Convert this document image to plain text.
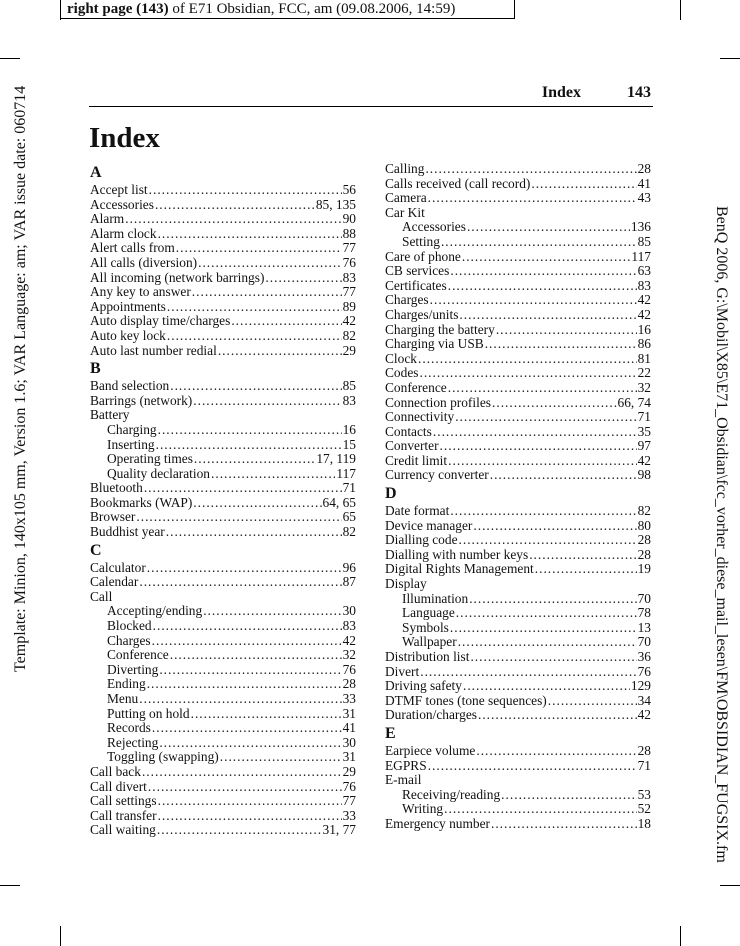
right page (143) of E71 Obsidian, FCC, am (09.08.2006, 14:59)
Template: Minion, 140x105 mm, Version 1.6; VAR Language: am; VAR issue date: 060714	BenQ 2006, G:\Mobil\X85\E71_Obsidian\fcc_vorher_diese_mail_lesen\FM\OBSIDIAN_FUGSIX.fm
Index	143
Index
A
Accept list .....	56
Accessories .....	85, 135
Alarm .....	90
Alarm clock .....	88
Alert calls from .....	77
All calls (diversion) .....	76
All incoming (network barrings) .....	83
Any key to answer .....	77
Appointments .....	89
Auto display time/charges .....	42
Auto key lock .....	82
Auto last number redial .....	29
B
Band selection .....	85
Barrings (network) .....	83
Battery
Charging .....	16
Inserting .....	15
Operating times .....	17, 119
Quality declaration .....	117
Bluetooth .....	71
Bookmarks (WAP) .....	64, 65
Browser .....	65
Buddhist year .....	82
C
Calculator .....	96
Calendar .....	87
Call
Accepting/ending .....	30
Blocked .....	83
Charges .....	42
Conference .....	32
Diverting .....	76
Ending .....	28
Menu .....	33
Putting on hold .....	31
Records .....	41
Rejecting .....	30
Toggling (swapping) .....	31
Call back .....	29
Call divert .....	76
Call settings .....	77
Call transfer .....	33
Call waiting .....	31, 77
Calling .....	28
Calls received (call record) .....	41
Camera .....	43
Car Kit
Accessories .....	136
Setting .....	85
Care of phone .....	117
CB services .....	63
Certificates .....	83
Charges .....	42
Charges/units .....	42
Charging the battery .....	16
Charging via USB .....	86
Clock .....	81
Codes .....	22
Conference .....	32
Connection profiles .....	66, 74
Connectivity .....	71
Contacts .....	35
Converter .....	97
Credit limit .....	42
Currency converter .....	98
D
Date format .....	82
Device manager .....	80
Dialling code .....	28
Dialling with number keys .....	28
Digital Rights Management .....	19
Display
Illumination .....	70
Language .....	78
Symbols .....	13
Wallpaper .....	70
Distribution list .....	36
Divert .....	76
Driving safety .....	129
DTMF tones (tone sequences) .....	34
Duration/charges .....	42
E
Earpiece volume .....	28
EGPRS .....	71
E-mail
Receiving/reading .....	53
Writing .....	52
Emergency number .....	18
